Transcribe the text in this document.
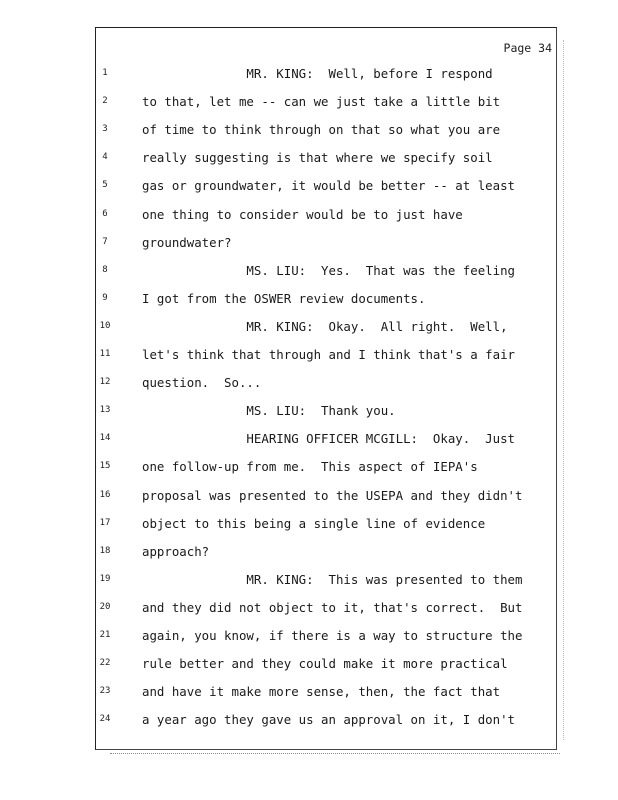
Page 34
1	MR. KING:  Well, before I respond
2	to that, let me -- can we just take a little bit
3	of time to think through on that so what you are
4	really suggesting is that where we specify soil
5	gas or groundwater, it would be better -- at least
6	one thing to consider would be to just have
7	groundwater?
8	MS. LIU:  Yes.  That was the feeling
9	I got from the OSWER review documents.
10	MR. KING:  Okay.  All right.  Well,
11	let's think that through and I think that's a fair
12	question.  So...
13	MS. LIU:  Thank you.
14	HEARING OFFICER MCGILL:  Okay.  Just
15	one follow-up from me.  This aspect of IEPA's
16	proposal was presented to the USEPA and they didn't
17	object to this being a single line of evidence
18	approach?
19	MR. KING:  This was presented to them
20	and they did not object to it, that's correct.  But
21	again, you know, if there is a way to structure the
22	rule better and they could make it more practical
23	and have it make more sense, then, the fact that
24	a year ago they gave us an approval on it, I don't
